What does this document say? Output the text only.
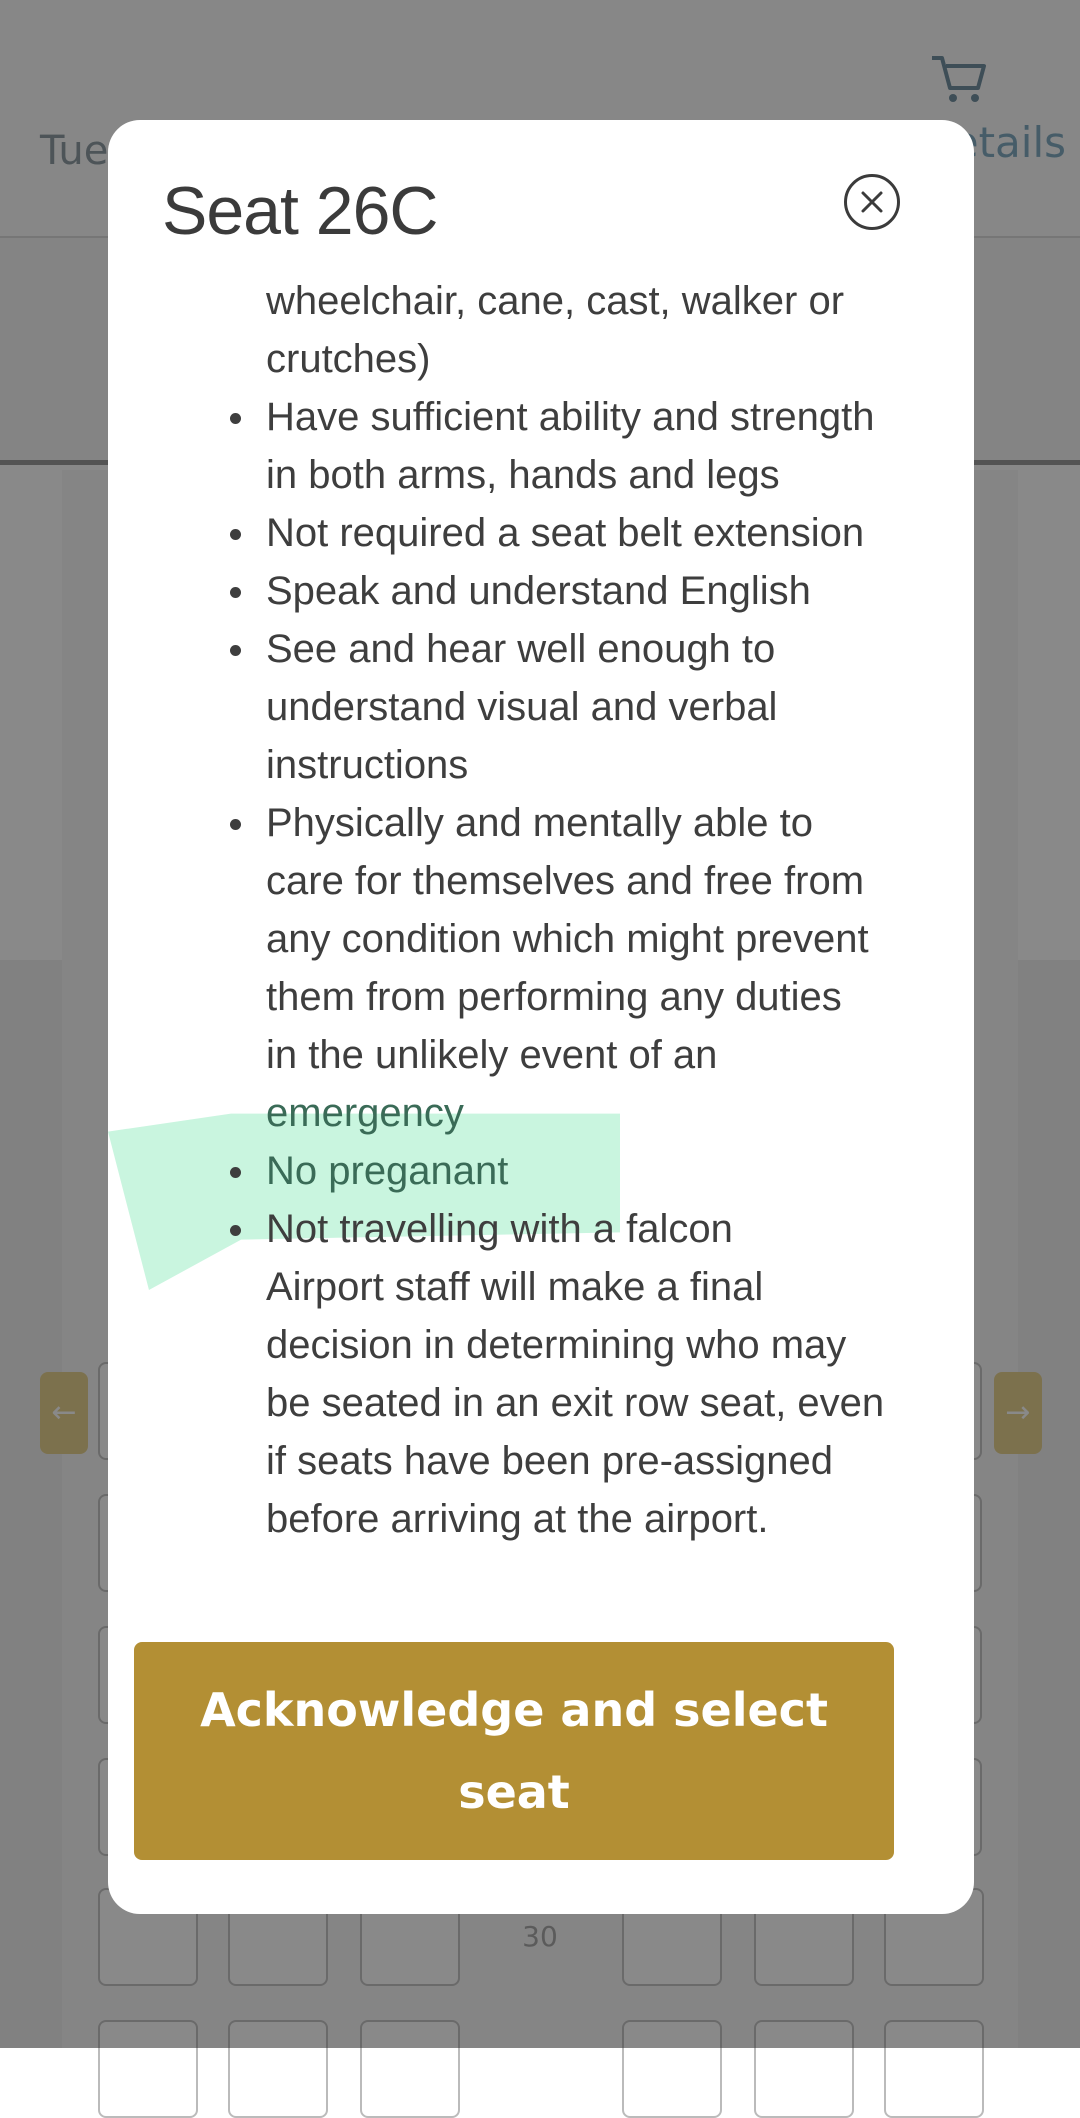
Seat 26C
wheelchair, cane, cast, walker or
crutches)
Have sufficient ability and strength
in both arms, hands and legs
Not required a seat belt extension
Speak and understand English
See and hear well enough to
understand visual and verbal
instructions
Physically and mentally able to
care for themselves and free from
any condition which might prevent
them from performing any duties
in the unlikely event of an
emergency
No preganant
Not travelling with a falcon
Airport staff will make a final
decision in determining who may
be seated in an exit row seat, even
if seats have been pre-assigned
before arriving at the airport.
Acknowledge and select seat
